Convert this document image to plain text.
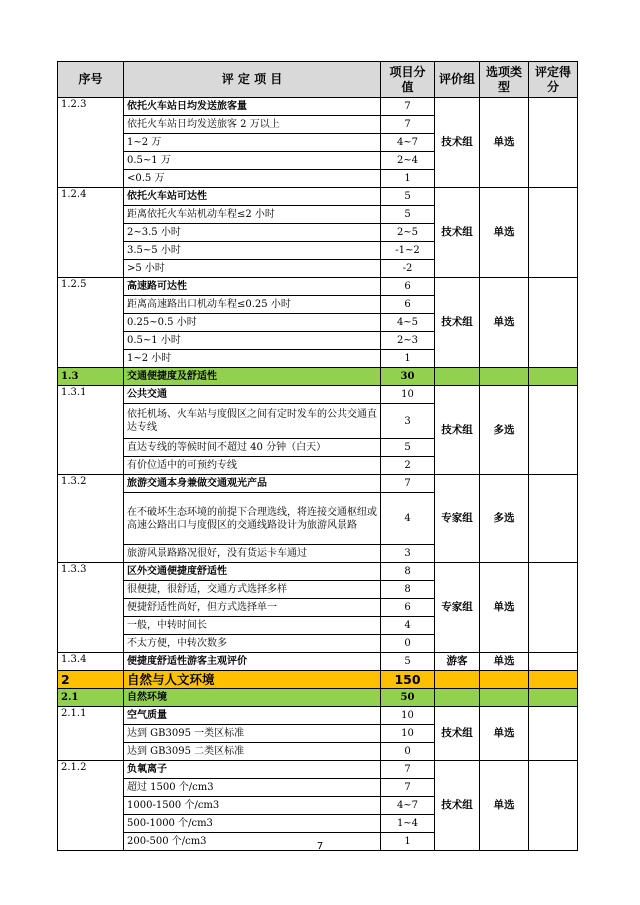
序号	评 定 项 目	项目分值	评价组	选项类型	评定得分
1.2.3	依托火车站日均发送旅客量	7	技术组	单选	
	依托火车站日均发送旅客 2 万以上	7			
	1~2 万	4~7			
	0.5~1 万	2~4			
	<0.5 万	1			
1.2.4	依托火车站可达性	5	技术组	单选	
	距离依托火车站机动车程≤2 小时	5			
	2~3.5 小时	2~5			
	3.5~5 小时	-1~2			
	>5 小时	-2			
1.2.5	高速路可达性	6	技术组	单选	
	距离高速路出口机动车程≤0.25 小时	6			
	0.25~0.5 小时	4~5			
	0.5~1 小时	2~3			
	1~2 小时	1			
1.3	交通便捷度及舒适性	30			
1.3.1	公共交通	10	技术组	多选	
	依托机场、火车站与度假区之间有定时发车的公共交通直达专线	3			
	直达专线的等候时间不超过 40 分钟（白天）	5			
	有价位适中的可预约专线	2			
1.3.2	旅游交通本身兼做交通观光产品	7	专家组	多选	
	在不破坏生态环境的前提下合理选线，将连接交通枢纽或高速公路出口与度假区的交通线路设计为旅游风景路	4			
	旅游风景路路况很好，没有货运卡车通过	3			
1.3.3	区外交通便捷度舒适性	8	专家组	单选	
	很便捷，很舒适，交通方式选择多样	8			
	便捷舒适性尚好，但方式选择单一	6			
	一般，中转时间长	4			
	不太方便，中转次数多	0			
1.3.4	便捷度舒适性游客主观评价	5	游客	单选	
2	自然与人文环境	150			
2.1	自然环境	50			
2.1.1	空气质量	10	技术组	单选	
	达到 GB3095 一类区标准	10			
	达到 GB3095 二类区标准	0			
2.1.2	负氧离子	7	技术组	单选	
	超过 1500 个/cm3	7			
	1000-1500 个/cm3	4~7			
	500-1000 个/cm3	1~4			
	200-500 个/cm3	1			
7
